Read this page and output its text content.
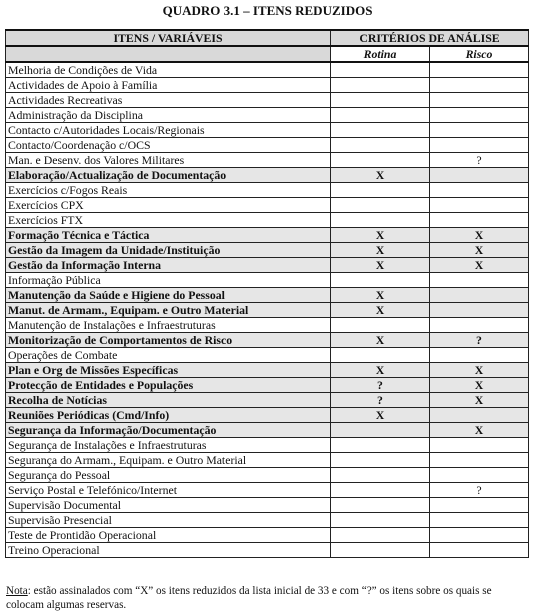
QUADRO 3.1 – ITENS REDUZIDOS
ITENS / VARIÁVEIS	CRITÉRIOS DE ANÁLISE	
	Rotina	Risco
Melhoria de Condições de Vida		
Actividades de Apoio à Família		
Actividades Recreativas		
Administração da Disciplina		
Contacto c/Autoridades Locais/Regionais		
Contacto/Coordenação c/OCS		
Man. e Desenv. dos Valores Militares		?
Elaboração/Actualização de Documentação	X	
Exercícios c/Fogos Reais		
Exercícios CPX		
Exercícios FTX		
Formação Técnica e Táctica	X	X
Gestão da Imagem da Unidade/Instituição	X	X
Gestão da Informação Interna	X	X
Informação Pública		
Manutenção da Saúde e Higiene do Pessoal	X	
Manut. de Armam., Equipam. e Outro Material	X	
Manutenção de Instalações e Infraestruturas		
Monitorização de Comportamentos de Risco	X	?
Operações de Combate		
Plan e Org de Missões Específicas	X	X
Protecção de Entidades e Populações	?	X
Recolha de Notícias	?	X
Reuniões Periódicas (Cmd/Info)	X	
Segurança da Informação/Documentação		X
Segurança de Instalações e Infraestruturas		
Segurança do Armam., Equipam. e Outro Material		
Segurança do Pessoal		
Serviço Postal e Telefónico/Internet		?
Supervisão Documental		
Supervisão Presencial		
Teste de Prontidão Operacional		
Treino Operacional		
Nota: estão assinalados com “X” os itens reduzidos da lista inicial de 33 e com “?” os itens sobre os quais se colocam algumas reservas.
